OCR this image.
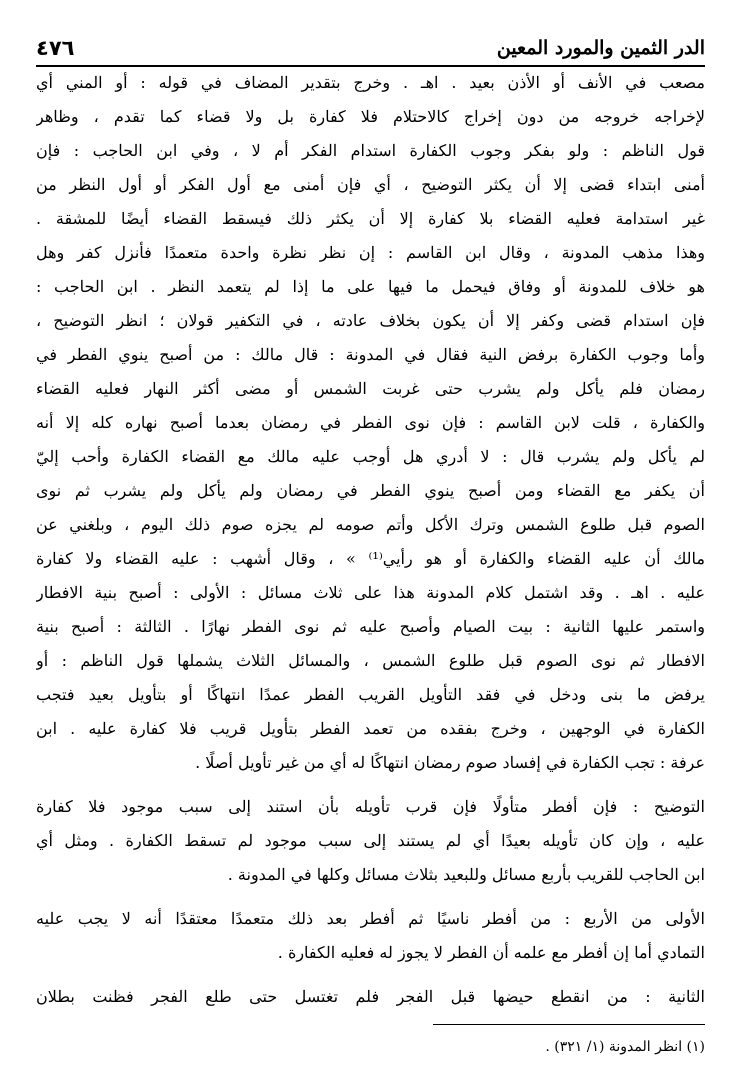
الدر الثمين والمورد المعين
٤٧٦
مصعب في الأنف أو الأذن بعيد . اهـ . وخرج بتقدير المضاف في قوله : أو المني أي
لإخراجه خروجه من دون إخراج كالاحتلام فلا كفارة بل ولا قضاء كما تقدم ، وظاهر
قول الناظم : ولو بفكر وجوب الكفارة استدام الفكر أم لا ، وفي ابن الحاجب : فإن
أمنى ابتداء قضى إلا أن يكثر التوضيح ، أي فإن أمنى مع أول الفكر أو أول النظر من
غير استدامة فعليه القضاء بلا كفارة إلا أن يكثر ذلك فيسقط القضاء أيضًا للمشقة .
وهذا مذهب المدونة ، وقال ابن القاسم : إن نظر نظرة واحدة متعمدًا فأنزل كفر وهل
هو خلاف للمدونة أو وفاق فيحمل ما فيها على ما إذا لم يتعمد النظر . ابن الحاجب :
فإن استدام قضى وكفر إلا أن يكون بخلاف عادته ، في التكفير قولان ؛ انظر التوضيح ،
وأما وجوب الكفارة برفض النية فقال في المدونة : قال مالك : من أصبح ينوي الفطر في
رمضان فلم يأكل ولم يشرب حتى غربت الشمس أو مضى أكثر النهار فعليه القضاء
والكفارة ، قلت لابن القاسم : فإن نوى الفطر في رمضان بعدما أصبح نهاره كله إلا أنه
لم يأكل ولم يشرب قال : لا أدري هل أوجب عليه مالك مع القضاء الكفارة وأحب إليّ
أن يكفر مع القضاء ومن أصبح ينوي الفطر في رمضان ولم يأكل ولم يشرب ثم نوى
الصوم قبل طلوع الشمس وترك الأكل وأتم صومه لم يجزه صوم ذلك اليوم ، وبلغني عن
مالك أن عليه القضاء والكفارة أو هو رأيي⁽¹⁾ » ، وقال أشهب : عليه القضاء ولا كفارة
عليه . اهـ . وقد اشتمل كلام المدونة هذا على ثلاث مسائل : الأولى : أصبح بنية الافطار
واستمر عليها الثانية : بيت الصيام وأصبح عليه ثم نوى الفطر نهارًا . الثالثة : أصبح بنية
الافطار ثم نوى الصوم قبل طلوع الشمس ، والمسائل الثلاث يشملها قول الناظم : أو
يرفض ما بنى ودخل في فقد التأويل القريب الفطر عمدًا انتهاكًا أو بتأويل بعيد فتجب
الكفارة في الوجهين ، وخرج بفقده من تعمد الفطر بتأويل قريب فلا كفارة عليه . ابن
عرفة : تجب الكفارة في إفساد صوم رمضان انتهاكًا له أي من غير تأويل أصلًا .
التوضيح : فإن أفطر متأولًا فإن قرب تأويله بأن استند إلى سبب موجود فلا كفارة
عليه ، وإن كان تأويله بعيدًا أي لم يستند إلى سبب موجود لم تسقط الكفارة . ومثل أي
ابن الحاجب للقريب بأربع مسائل وللبعيد بثلاث مسائل وكلها في المدونة .
الأولى من الأربع : من أفطر ناسيًا ثم أفطر بعد ذلك متعمدًا معتقدًا أنه لا يجب عليه
التمادي أما إن أفطر مع علمه أن الفطر لا يجوز له فعليه الكفارة .
الثانية : من انقطع حيضها قبل الفجر فلم تغتسل حتى طلع الفجر فظنت بطلان
(١) انظر المدونة (١/ ٣٢١) .
